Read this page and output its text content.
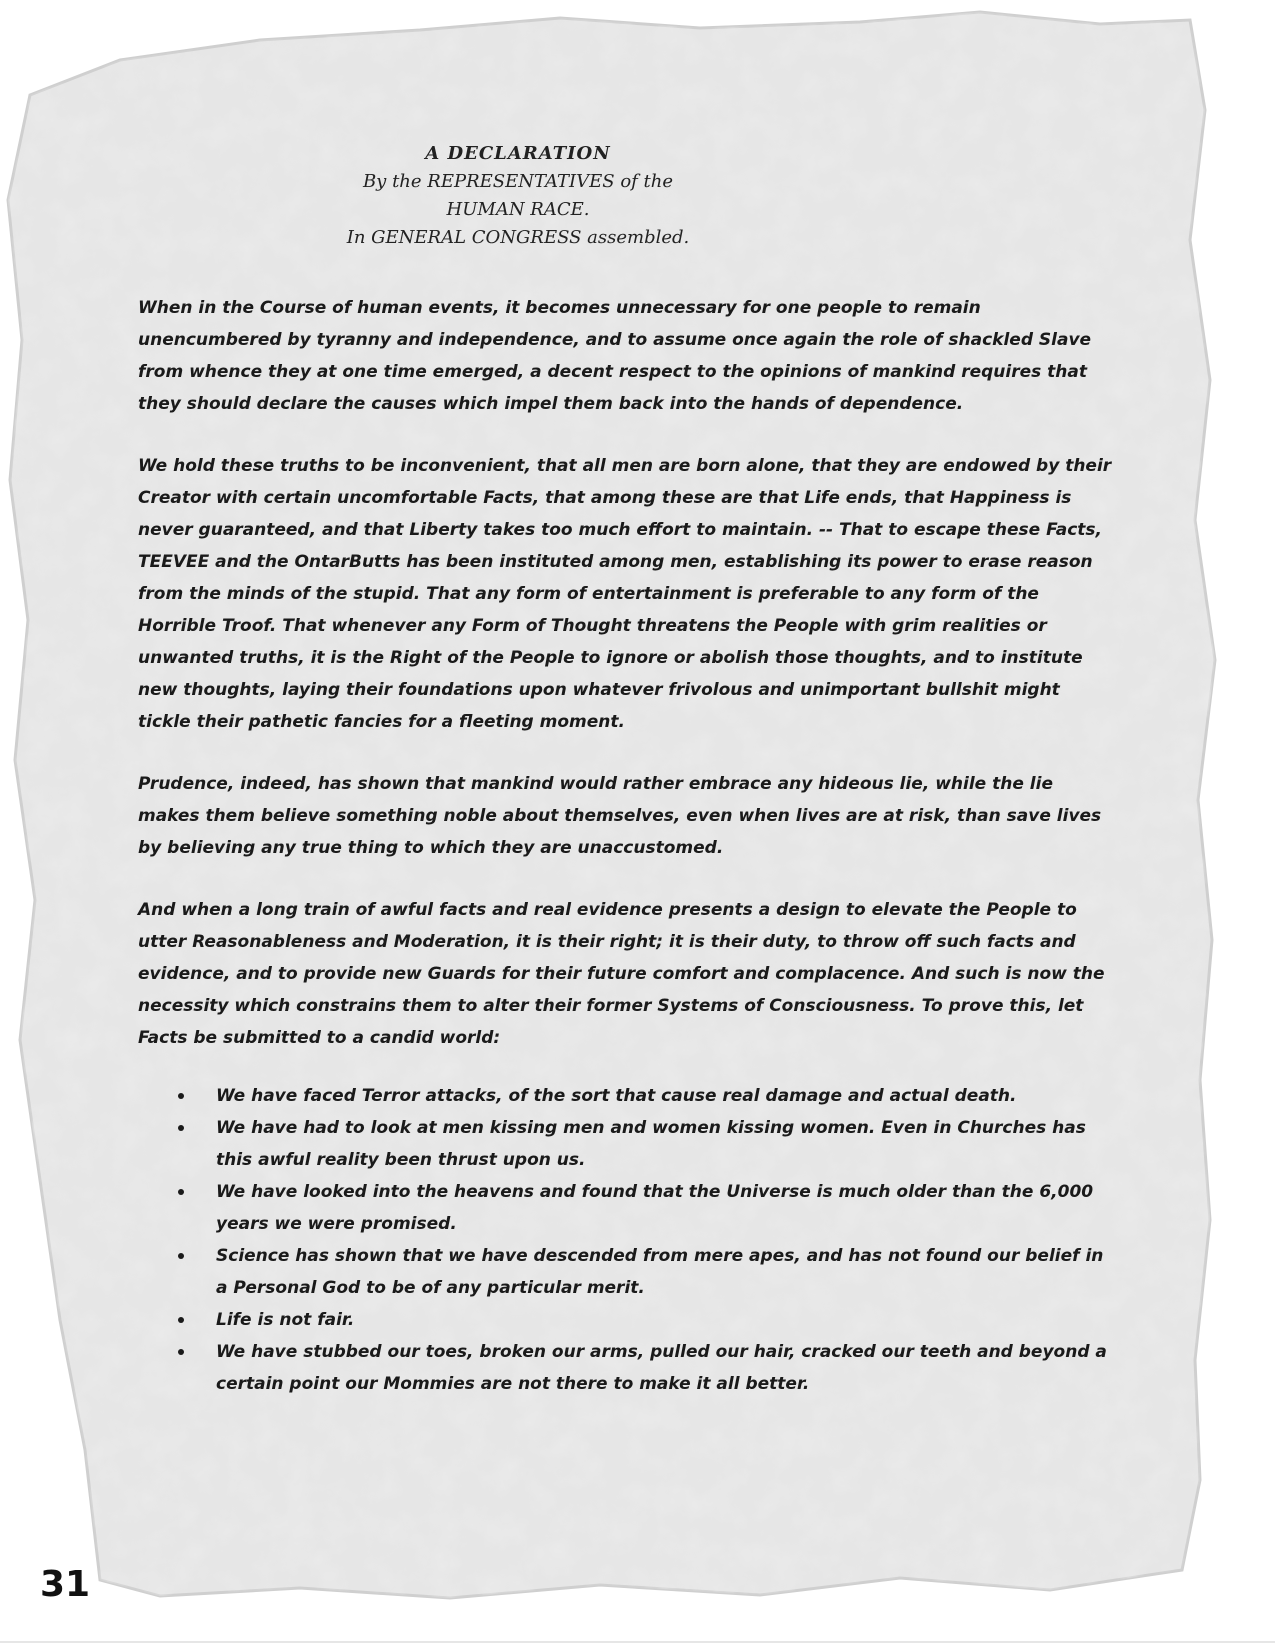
A DECLARATION
By the REPRESENTATIVES of the
HUMAN RACE.
In GENERAL CONGRESS assembled.

When in the Course of human events, it becomes unnecessary for one people to remain unencumbered by tyranny and independence, and to assume once again the role of shackled Slave from whence they at one time emerged, a decent respect to the opinions of mankind requires that they should declare the causes which impel them back into the hands of dependence.

We hold these truths to be inconvenient, that all men are born alone, that they are endowed by their Creator with certain uncomfortable Facts, that among these are that Life ends, that Happiness is never guaranteed, and that Liberty takes too much effort to maintain. -- That to escape these Facts, TEEVEE and the OntarButts has been instituted among men, establishing its power to erase reason from the minds of the stupid. That any form of entertainment is preferable to any form of the Horrible Troof. That whenever any Form of Thought threatens the People with grim realities or unwanted truths, it is the Right of the People to ignore or abolish those thoughts, and to institute new thoughts, laying their foundations upon whatever frivolous and unimportant bullshit might tickle their pathetic fancies for a fleeting moment.

Prudence, indeed, has shown that mankind would rather embrace any hideous lie, while the lie makes them believe something noble about themselves, even when lives are at risk, than save lives by believing any true thing to which they are unaccustomed.

And when a long train of awful facts and real evidence presents a design to elevate the People to utter Reasonableness and Moderation, it is their right; it is their duty, to throw off such facts and evidence, and to provide new Guards for their future comfort and complacence. And such is now the necessity which constrains them to alter their former Systems of Consciousness. To prove this, let Facts be submitted to a candid world:

We have faced Terror attacks, of the sort that cause real damage and actual death.
We have had to look at men kissing men and women kissing women. Even in Churches has this awful reality been thrust upon us.
We have looked into the heavens and found that the Universe is much older than the 6,000 years we were promised.
Science has shown that we have descended from mere apes, and has not found our belief in a Personal God to be of any particular merit.
Life is not fair.
We have stubbed our toes, broken our arms, pulled our hair, cracked our teeth and beyond a certain point our Mommies are not there to make it all better.
31
